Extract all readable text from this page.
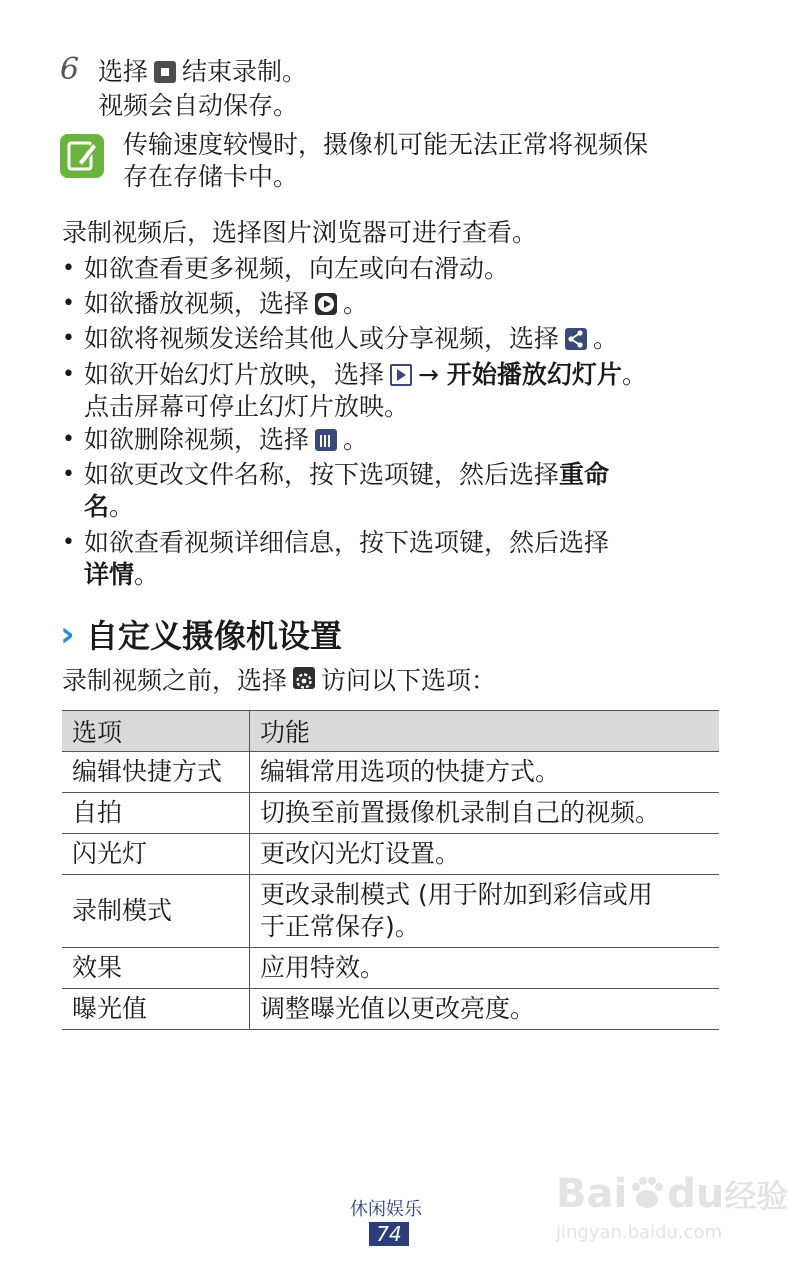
6 选择 结束录制。
视频会自动保存。
传输速度较慢时，摄像机可能无法正常将视频保
存在存储卡中。
录制视频后，选择图片浏览器可进行查看。
• 如欲查看更多视频，向左或向右滑动。
• 如欲播放视频，选择 。
• 如欲将视频发送给其他人或分享视频，选择 。
• 如欲开始幻灯片放映，选择 → 开始播放幻灯片。
点击屏幕可停止幻灯片放映。
• 如欲删除视频，选择 。
• 如欲更改文件名称，按下选项键，然后选择重命
名。
• 如欲查看视频详细信息，按下选项键，然后选择
详情。
› 自定义摄像机设置
录制视频之前，选择 访问以下选项：
选项	功能
编辑快捷方式	编辑常用选项的快捷方式。
自拍	切换至前置摄像机录制自己的视频。
闪光灯	更改闪光灯设置。
录制模式	更改录制模式 (用于附加到彩信或用
于正常保存)。

效果	应用特效。
曝光值	调整曝光值以更改亮度。
休闲娱乐
74
Bai du经验
jingyan.baidu.com
